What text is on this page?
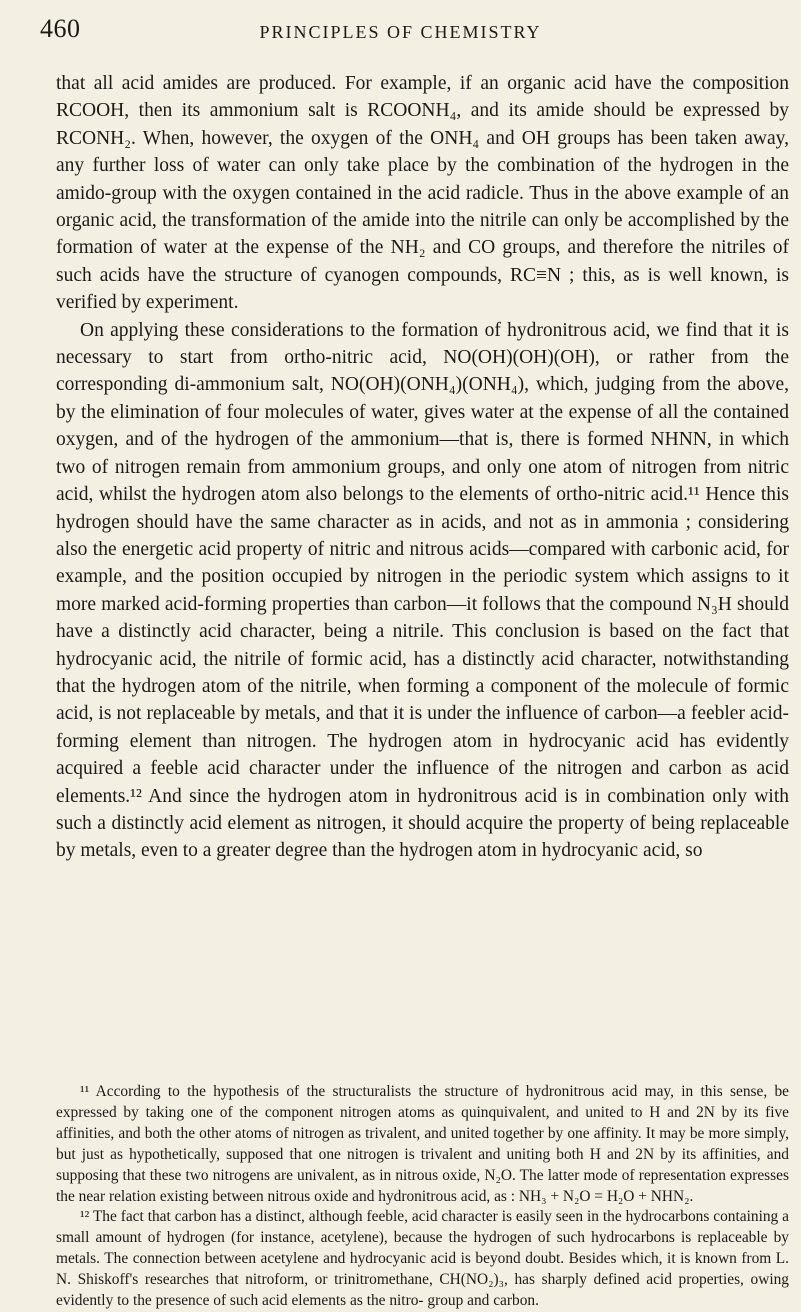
460	PRINCIPLES OF CHEMISTRY

that all acid amides are produced. For example, if an organic acid have the composition RCOOH, then its ammonium salt is RCOONH₄, and its amide should be expressed by RCONH₂. When, however, the oxygen of the ONH₄ and OH groups has been taken away, any further loss of water can only take place by the combination of the hydrogen in the amido-group with the oxygen contained in the acid radicle. Thus in the above example of an organic acid, the transformation of the amide into the nitrile can only be accomplished by the formation of water at the expense of the NH₂ and CO groups, and therefore the nitriles of such acids have the structure of cyanogen compounds, RC≡N ; this, as is well known, is verified by experiment.

On applying these considerations to the formation of hydronitrous acid, we find that it is necessary to start from ortho-nitric acid, NO(OH)(OH)(OH), or rather from the corresponding di-ammonium salt, NO(OH)(ONH₄)(ONH₄), which, judging from the above, by the elimination of four molecules of water, gives water at the expense of all the contained oxygen, and of the hydrogen of the ammonium—that is, there is formed NHNN, in which two of nitrogen remain from ammonium groups, and only one atom of nitrogen from nitric acid, whilst the hydrogen atom also belongs to the elements of ortho-nitric acid.¹¹ Hence this hydrogen should have the same character as in acids, and not as in ammonia ; considering also the energetic acid property of nitric and nitrous acids—compared with carbonic acid, for example, and the position occupied by nitrogen in the periodic system which assigns to it more marked acid-forming properties than carbon—it follows that the compound N₃H should have a distinctly acid character, being a nitrile. This conclusion is based on the fact that hydrocyanic acid, the nitrile of formic acid, has a distinctly acid character, notwithstanding that the hydrogen atom of the nitrile, when forming a component of the molecule of formic acid, is not replaceable by metals, and that it is under the influence of carbon—a feebler acid-forming element than nitrogen. The hydrogen atom in hydrocyanic acid has evidently acquired a feeble acid character under the influence of the nitrogen and carbon as acid elements.¹² And since the hydrogen atom in hydronitrous acid is in combination only with such a distinctly acid element as nitrogen, it should acquire the property of being replaceable by metals, even to a greater degree than the hydrogen atom in hydrocyanic acid, so

¹¹ According to the hypothesis of the structuralists the structure of hydronitrous acid may, in this sense, be expressed by taking one of the component nitrogen atoms as quinquivalent, and united to H and 2N by its five affinities, and both the other atoms of nitrogen as trivalent, and united together by one affinity. It may be more simply, but just as hypothetically, supposed that one nitrogen is trivalent and uniting both H and 2N by its affinities, and supposing that these two nitrogens are univalent, as in nitrous oxide, N₂O. The latter mode of representation expresses the near relation existing between nitrous oxide and hydronitrous acid, as : NH₃ + N₂O = H₂O + NHN₂.

¹² The fact that carbon has a distinct, although feeble, acid character is easily seen in the hydrocarbons containing a small amount of hydrogen (for instance, acetylene), because the hydrogen of such hydrocarbons is replaceable by metals. The connection between acetylene and hydrocyanic acid is beyond doubt. Besides which, it is known from L. N. Shiskoff's researches that nitroform, or trinitromethane, CH(NO₂)₃, has sharply defined acid properties, owing evidently to the presence of such acid elements as the nitro- group and carbon.
